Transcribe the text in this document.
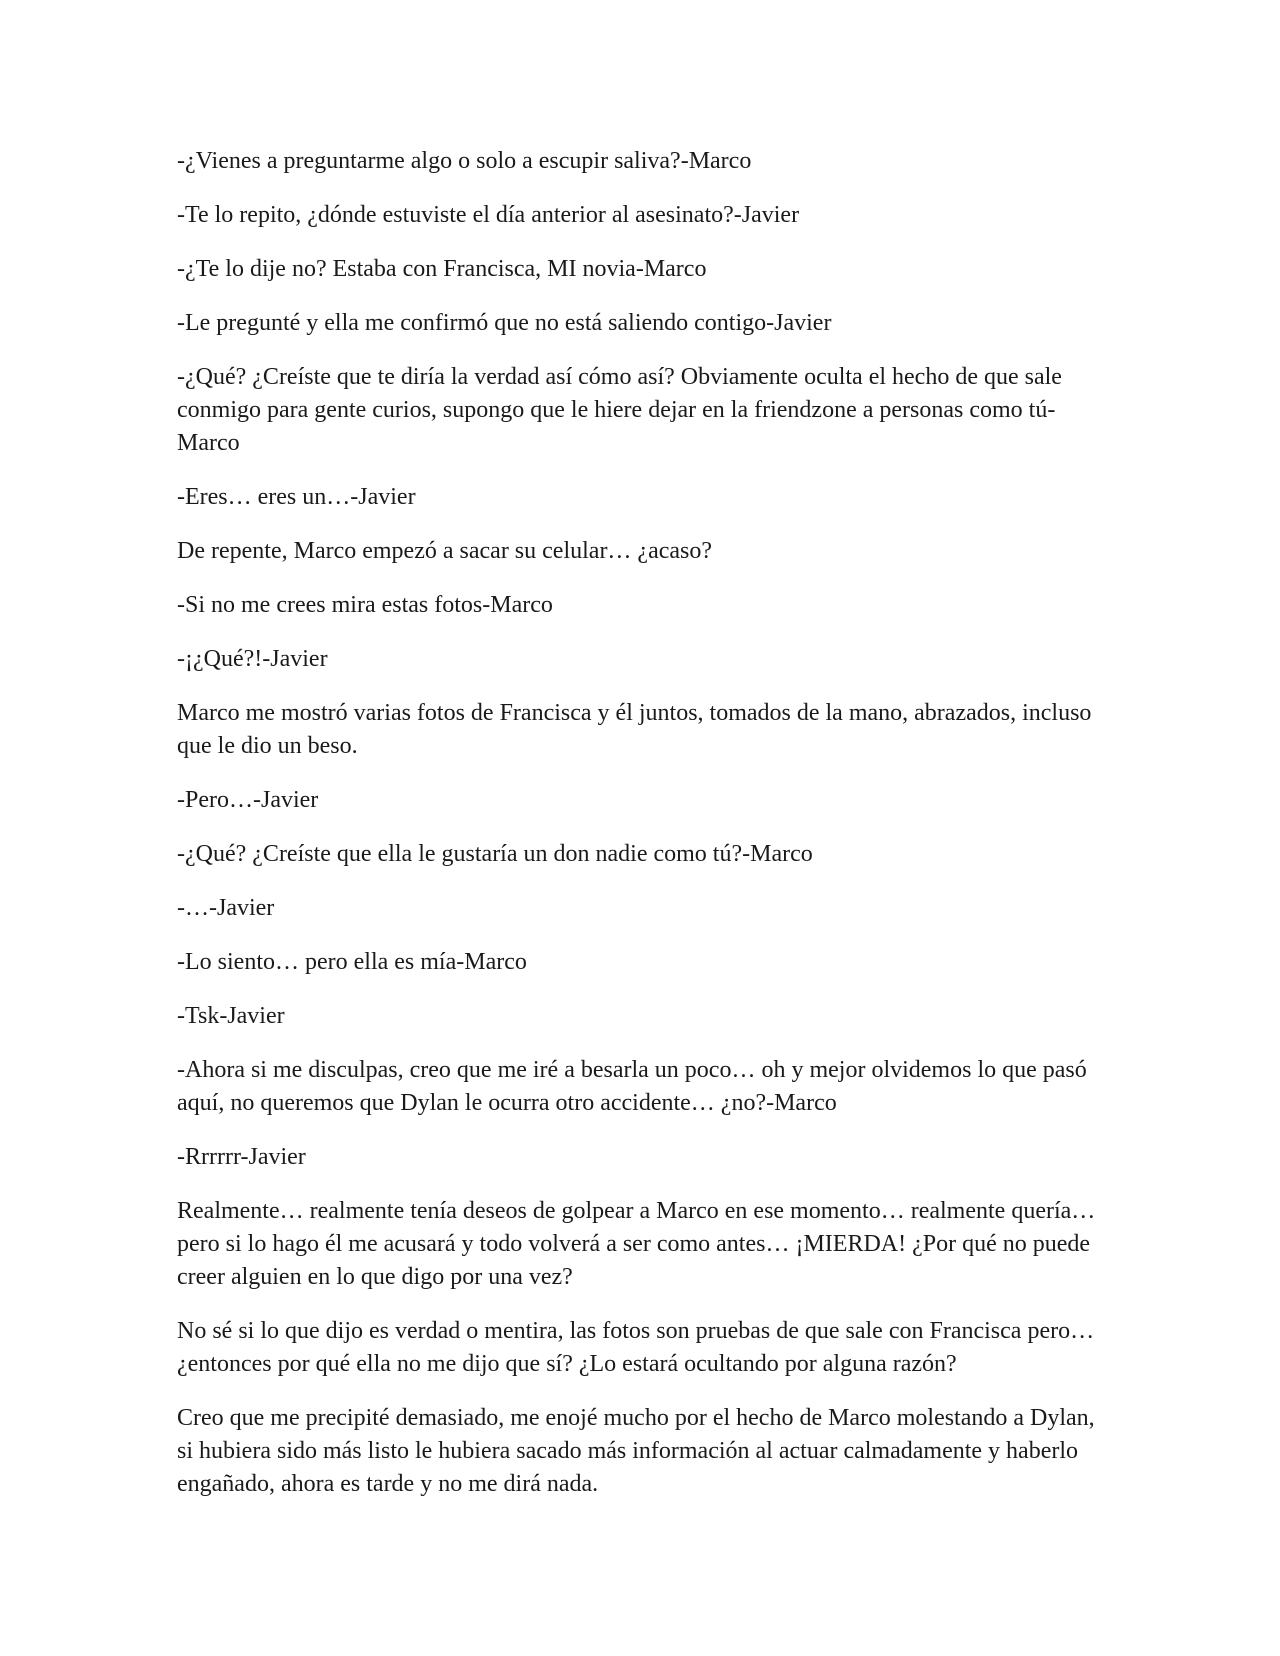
-¿Vienes a preguntarme algo o solo a escupir saliva?-Marco

-Te lo repito, ¿dónde estuviste el día anterior al asesinato?-Javier

-¿Te lo dije no? Estaba con Francisca, MI novia-Marco

-Le pregunté y ella me confirmó que no está saliendo contigo-Javier

-¿Qué? ¿Creíste que te diría la verdad así cómo así? Obviamente oculta el hecho de que sale conmigo para gente curios, supongo que le hiere dejar en la friendzone a personas como tú-Marco

-Eres… eres un…-Javier

De repente, Marco empezó a sacar su celular… ¿acaso?

-Si no me crees mira estas fotos-Marco

-¡¿Qué?!-Javier

Marco me mostró varias fotos de Francisca y él juntos, tomados de la mano, abrazados, incluso que le dio un beso.

-Pero…-Javier

-¿Qué? ¿Creíste que ella le gustaría un don nadie como tú?-Marco

-…-Javier

-Lo siento… pero ella es mía-Marco

-Tsk-Javier

-Ahora si me disculpas, creo que me iré a besarla un poco… oh y mejor olvidemos lo que pasó aquí, no queremos que Dylan le ocurra otro accidente… ¿no?-Marco

-Rrrrrr-Javier

Realmente… realmente tenía deseos de golpear a Marco en ese momento… realmente quería… pero si lo hago él me acusará y todo volverá a ser como antes… ¡MIERDA! ¿Por qué no puede creer alguien en lo que digo por una vez?

No sé si lo que dijo es verdad o mentira, las fotos son pruebas de que sale con Francisca pero… ¿entonces por qué ella no me dijo que sí? ¿Lo estará ocultando por alguna razón?

Creo que me precipité demasiado, me enojé mucho por el hecho de Marco molestando a Dylan, si hubiera sido más listo le hubiera sacado más información al actuar calmadamente y haberlo engañado, ahora es tarde y no me dirá nada.
